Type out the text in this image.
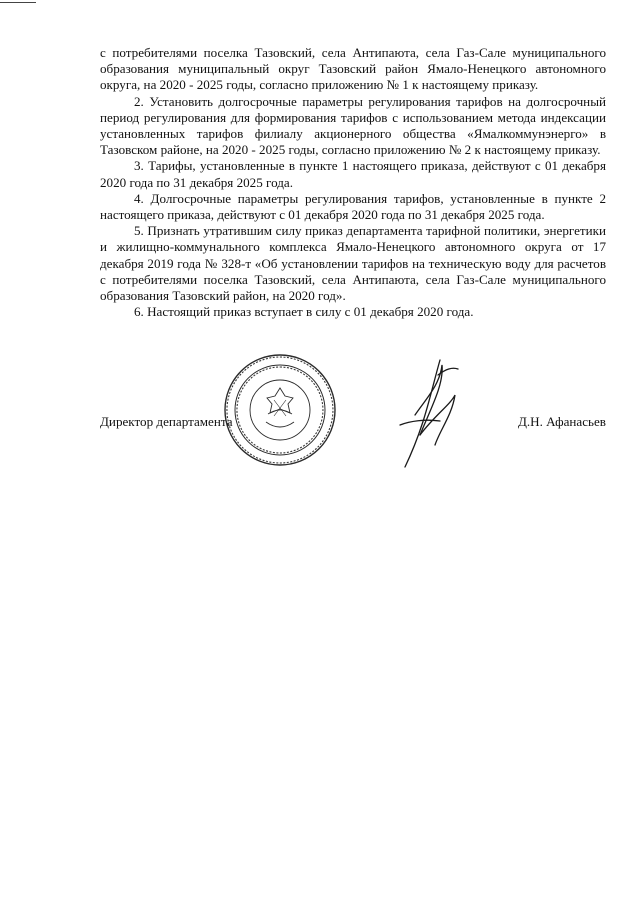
с потребителями поселка Тазовский, села Антипаюта, села Газ-Сале муниципального образования муниципальный округ Тазовский район Ямало-Ненецкого автономного округа, на 2020 - 2025 годы, согласно приложению № 1 к настоящему приказу.

2. Установить долгосрочные параметры регулирования тарифов на долгосрочный период регулирования для формирования тарифов с использованием метода индексации установленных тарифов филиалу акционерного общества «Ямалкоммунэнерго» в Тазовском районе, на 2020 - 2025 годы, согласно приложению № 2 к настоящему приказу.

3. Тарифы, установленные в пункте 1 настоящего приказа, действуют с 01 декабря 2020 года по 31 декабря 2025 года.

4. Долгосрочные параметры регулирования тарифов, установленные в пункте 2 настоящего приказа, действуют с 01 декабря 2020 года по 31 декабря 2025 года.

5. Признать утратившим силу приказ департамента тарифной политики, энергетики и жилищно-коммунального комплекса Ямало-Ненецкого автономного округа от 17 декабря 2019 года № 328-т «Об установлении тарифов на техническую воду для расчетов с потребителями поселка Тазовский, села Антипаюта, села Газ-Сале муниципального образования Тазовский район, на 2020 год».

6. Настоящий приказ вступает в силу с 01 декабря 2020 года.

Директор департамента	Д.Н. Афанасьев
